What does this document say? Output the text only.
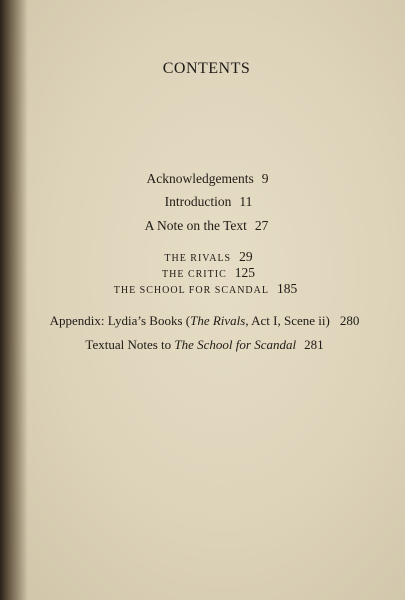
CONTENTS
Acknowledgements 9
Introduction 11
A Note on the Text 27
THE RIVALS 29
THE CRITIC 125
THE SCHOOL FOR SCANDAL 185
Appendix: Lydia’s Books (The Rivals, Act I, Scene ii) 280
Textual Notes to The School for Scandal 281
